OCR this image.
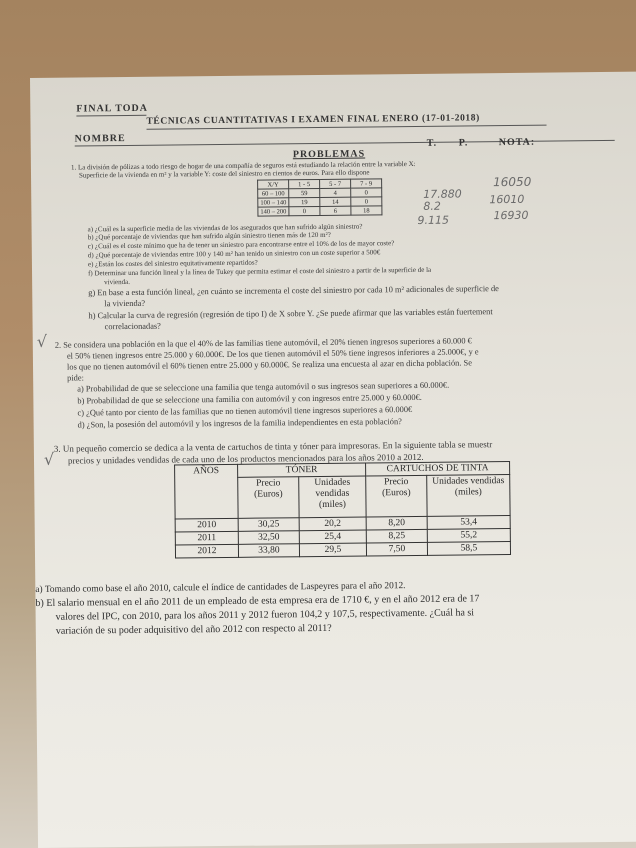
FINAL TODA
TÉCNICAS CUANTITATIVAS I EXAMEN FINAL ENERO (17-01-2018)
NOMBRE	T. P.	NOTA:
PROBLEMAS
1. La división de pólizas a todo riesgo de hogar de una compañía de seguros está estudiando la relación entre la variable X:
Superficie de la vivienda en m² y la variable Y: coste del siniestro en cientos de euros. Para ello dispone
X/Y	1 - 5	5 - 7	7 - 9
60 – 100	59	4	0
100 – 140	19	14	0
140 – 200	0	6	18
16050
17.880
8.2
9.115
16010
16930
a) ¿Cuál es la superficie media de las viviendas de los asegurados que han sufrido algún siniestro?
b) ¿Qué porcentaje de viviendas que han sufrido algún siniestro tienen más de 120 m²?
c) ¿Cuál es el coste mínimo que ha de tener un siniestro para encontrarse entre el 10% de los de mayor coste?
d) ¿Qué porcentaje de viviendas entre 100 y 140 m² han tenido un siniestro con un coste superior a 500€
e) ¿Están los costes del siniestro equitativamente repartidos?
f) Determinar una función lineal y la línea de Tukey que permita estimar el coste del siniestro a partir de la superficie de la
vivienda.
g) En base a esta función lineal, ¿en cuánto se incrementa el coste del siniestro por cada 10 m² adicionales de superficie de
la vivienda?
h) Calcular la curva de regresión (regresión de tipo I) de X sobre Y. ¿Se puede afirmar que las variables están fuertement
correlacionadas?
√ 2. Se considera una población en la que el 40% de las familias tiene automóvil, el 20% tienen ingresos superiores a 60.000 €
el 50% tienen ingresos entre 25.000 y 60.000€. De los que tienen automóvil el 50% tiene ingresos inferiores a 25.000€, y e
los que no tienen automóvil el 60% tienen entre 25.000 y 60.000€. Se realiza una encuesta al azar en dicha población. Se
pide:
a) Probabilidad de que se seleccione una familia que tenga automóvil o sus ingresos sean superiores a 60.000€.
b) Probabilidad de que se seleccione una familia con automóvil y con ingresos entre 25.000 y 60.000€.
c) ¿Qué tanto por ciento de las familias que no tienen automóvil tiene ingresos superiores a 60.000€
d) ¿Son, la posesión del automóvil y los ingresos de la familia independientes en esta población?
√
3. Un pequeño comercio se dedica a la venta de cartuchos de tinta y tóner para impresoras. En la siguiente tabla se muestr
precios y unidades vendidas de cada uno de los productos mencionados para los años 2010 a 2012.
AÑOS	TÓNER		CARTUCHOS DE TINTA	
	Precio (Euros)	Unidades vendidas (miles)	Precio (Euros)	Unidades vendidas (miles)
2010	30,25	20,2	8,20	53,4
2011	32,50	25,4	8,25	55,2
2012	33,80	29,5	7,50	58,5
a) Tomando como base el año 2010, calcule el índice de cantidades de Laspeyres para el año 2012.
b) El salario mensual en el año 2011 de un empleado de esta empresa era de 1710 €, y en el año 2012 era de 17
valores del IPC, con 2010, para los años 2011 y 2012 fueron 104,2 y 107,5, respectivamente. ¿Cuál ha si
variación de su poder adquisitivo del año 2012 con respecto al 2011?
